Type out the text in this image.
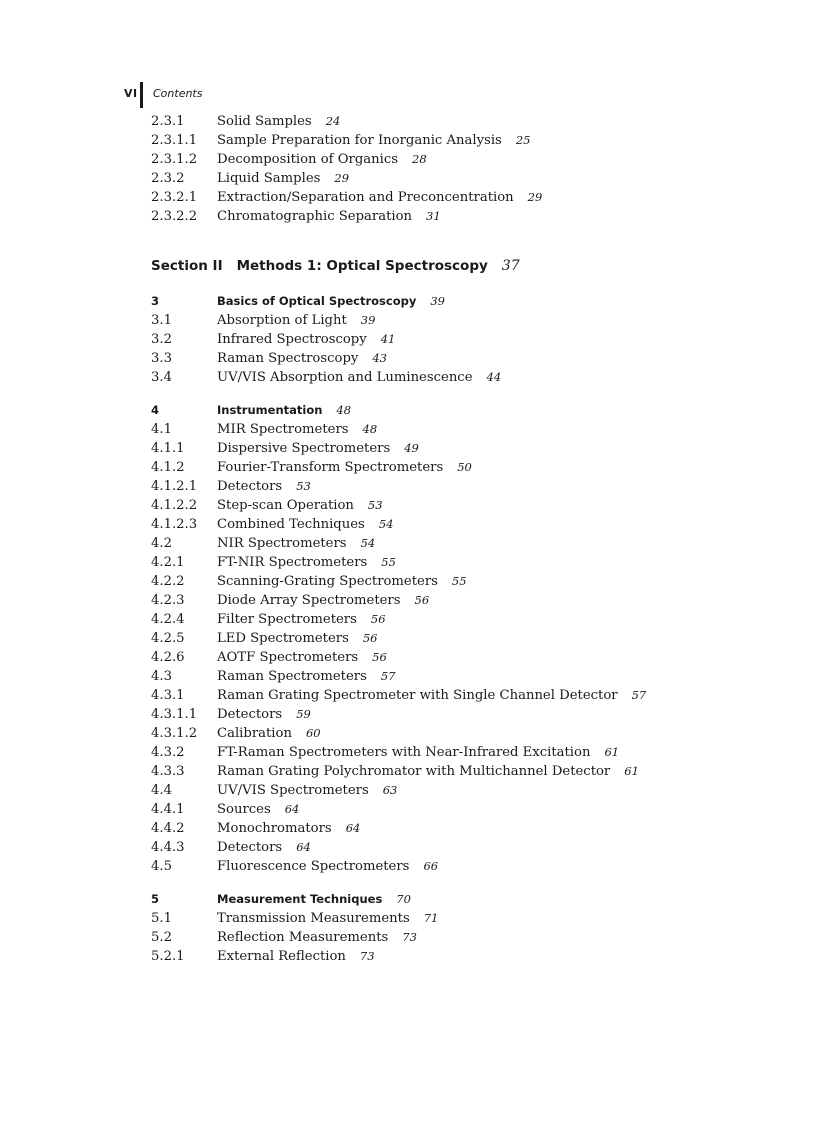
VI Contents
2.3.1	Solid Samples 24
2.3.1.1	Sample Preparation for Inorganic Analysis 25
2.3.1.2	Decomposition of Organics 28
2.3.2	Liquid Samples 29
2.3.2.1	Extraction/Separation and Preconcentration 29
2.3.2.2	Chromatographic Separation 31
Section II Methods 1: Optical Spectroscopy 37
3	Basics of Optical Spectroscopy 39
3.1	Absorption of Light 39
3.2	Infrared Spectroscopy 41
3.3	Raman Spectroscopy 43
3.4	UV/VIS Absorption and Luminescence 44
4	Instrumentation 48
4.1	MIR Spectrometers 48
4.1.1	Dispersive Spectrometers 49
4.1.2	Fourier-Transform Spectrometers 50
4.1.2.1	Detectors 53
4.1.2.2	Step-scan Operation 53
4.1.2.3	Combined Techniques 54
4.2	NIR Spectrometers 54
4.2.1	FT-NIR Spectrometers 55
4.2.2	Scanning-Grating Spectrometers 55
4.2.3	Diode Array Spectrometers 56
4.2.4	Filter Spectrometers 56
4.2.5	LED Spectrometers 56
4.2.6	AOTF Spectrometers 56
4.3	Raman Spectrometers 57
4.3.1	Raman Grating Spectrometer with Single Channel Detector 57
4.3.1.1	Detectors 59
4.3.1.2	Calibration 60
4.3.2	FT-Raman Spectrometers with Near-Infrared Excitation 61
4.3.3	Raman Grating Polychromator with Multichannel Detector 61
4.4	UV/VIS Spectrometers 63
4.4.1	Sources 64
4.4.2	Monochromators 64
4.4.3	Detectors 64
4.5	Fluorescence Spectrometers 66
5	Measurement Techniques 70
5.1	Transmission Measurements 71
5.2	Reflection Measurements 73
5.2.1	External Reflection 73
